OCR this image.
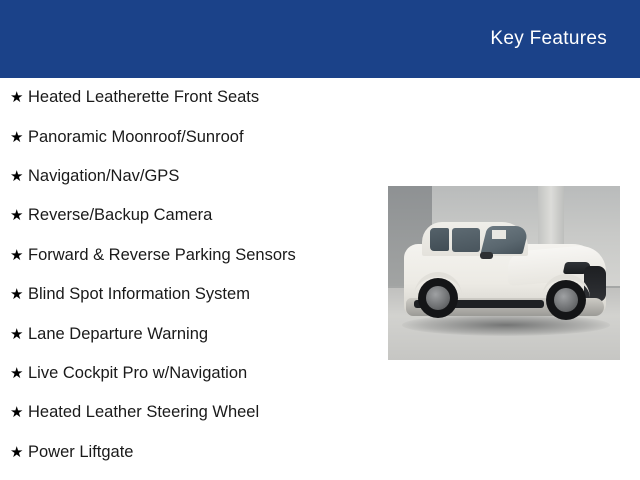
Key Features
★ Heated Leatherette Front Seats
★ Panoramic Moonroof/Sunroof
★ Navigation/Nav/GPS
★ Reverse/Backup Camera
★ Forward & Reverse Parking Sensors
★ Blind Spot Information System
★ Lane Departure Warning
★ Live Cockpit Pro w/Navigation
★ Heated Leather Steering Wheel
★ Power Liftgate
